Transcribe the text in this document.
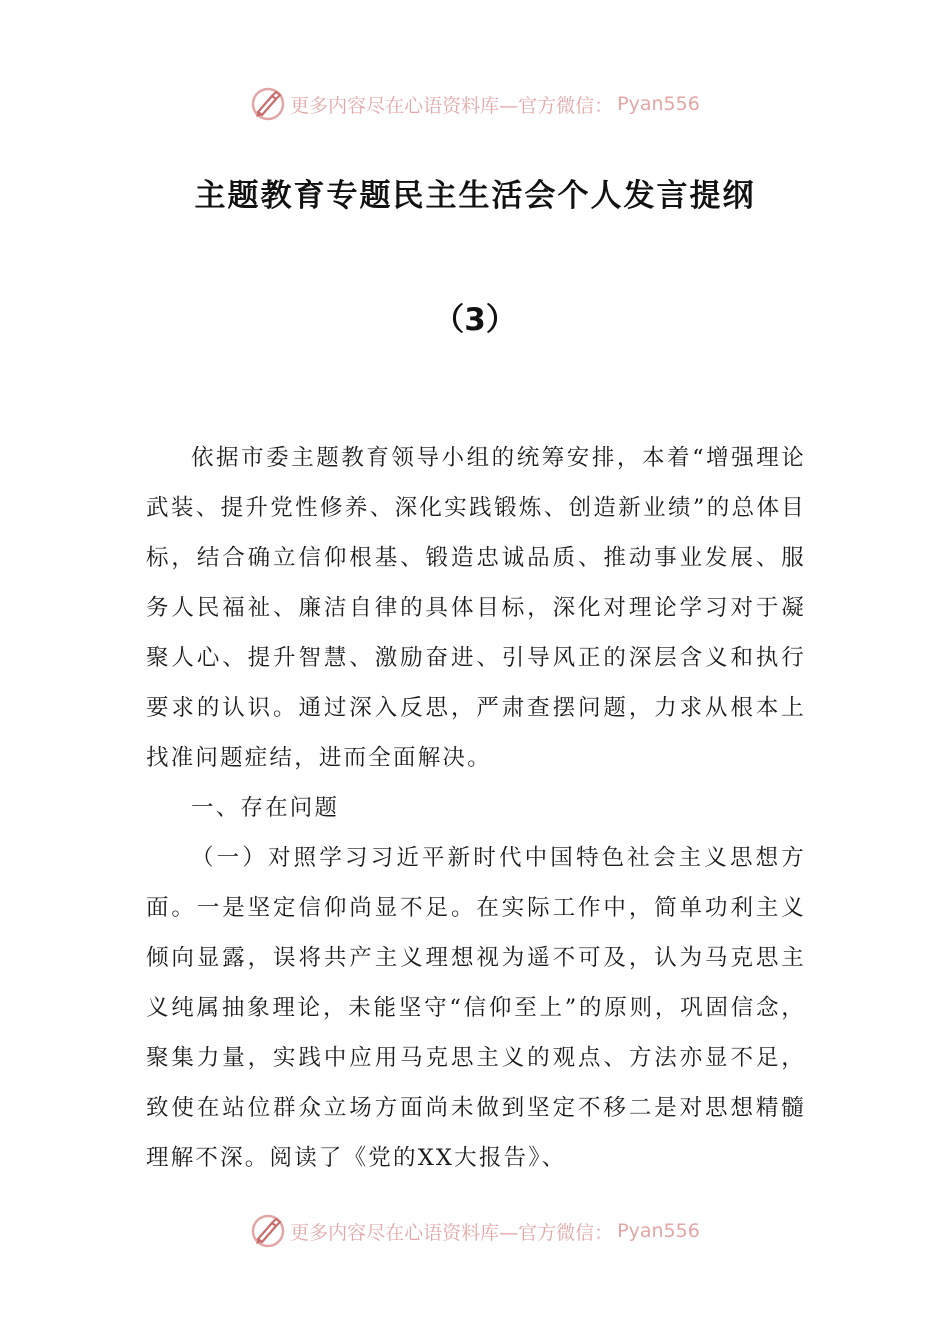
更多内容尽在心语资料库—官方微信： Pyan556
主题教育专题民主生活会个人发言提纲
（3）

依据市委主题教育领导小组的统筹安排，本着“增强理论武装、提升党性修养、深化实践锻炼、创造新业绩”的总体目标，结合确立信仰根基、锻造忠诚品质、推动事业发展、服务人民福祉、廉洁自律的具体目标，深化对理论学习对于凝聚人心、提升智慧、激励奋进、引导风正的深层含义和执行要求的认识。通过深入反思，严肃查摆问题，力求从根本上找准问题症结，进而全面解决。

一、存在问题

（一）对照学习习近平新时代中国特色社会主义思想方面。一是坚定信仰尚显不足。在实际工作中，简单功利主义倾向显露，误将共产主义理想视为遥不可及，认为马克思主义纯属抽象理论，未能坚守“信仰至上”的原则，巩固信念，聚集力量，实践中应用马克思主义的观点、方法亦显不足，致使在站位群众立场方面尚未做到坚定不移二是对思想精髓理解不深。阅读了《党的XX大报告》、

更多内容尽在心语资料库—官方微信： Pyan556
